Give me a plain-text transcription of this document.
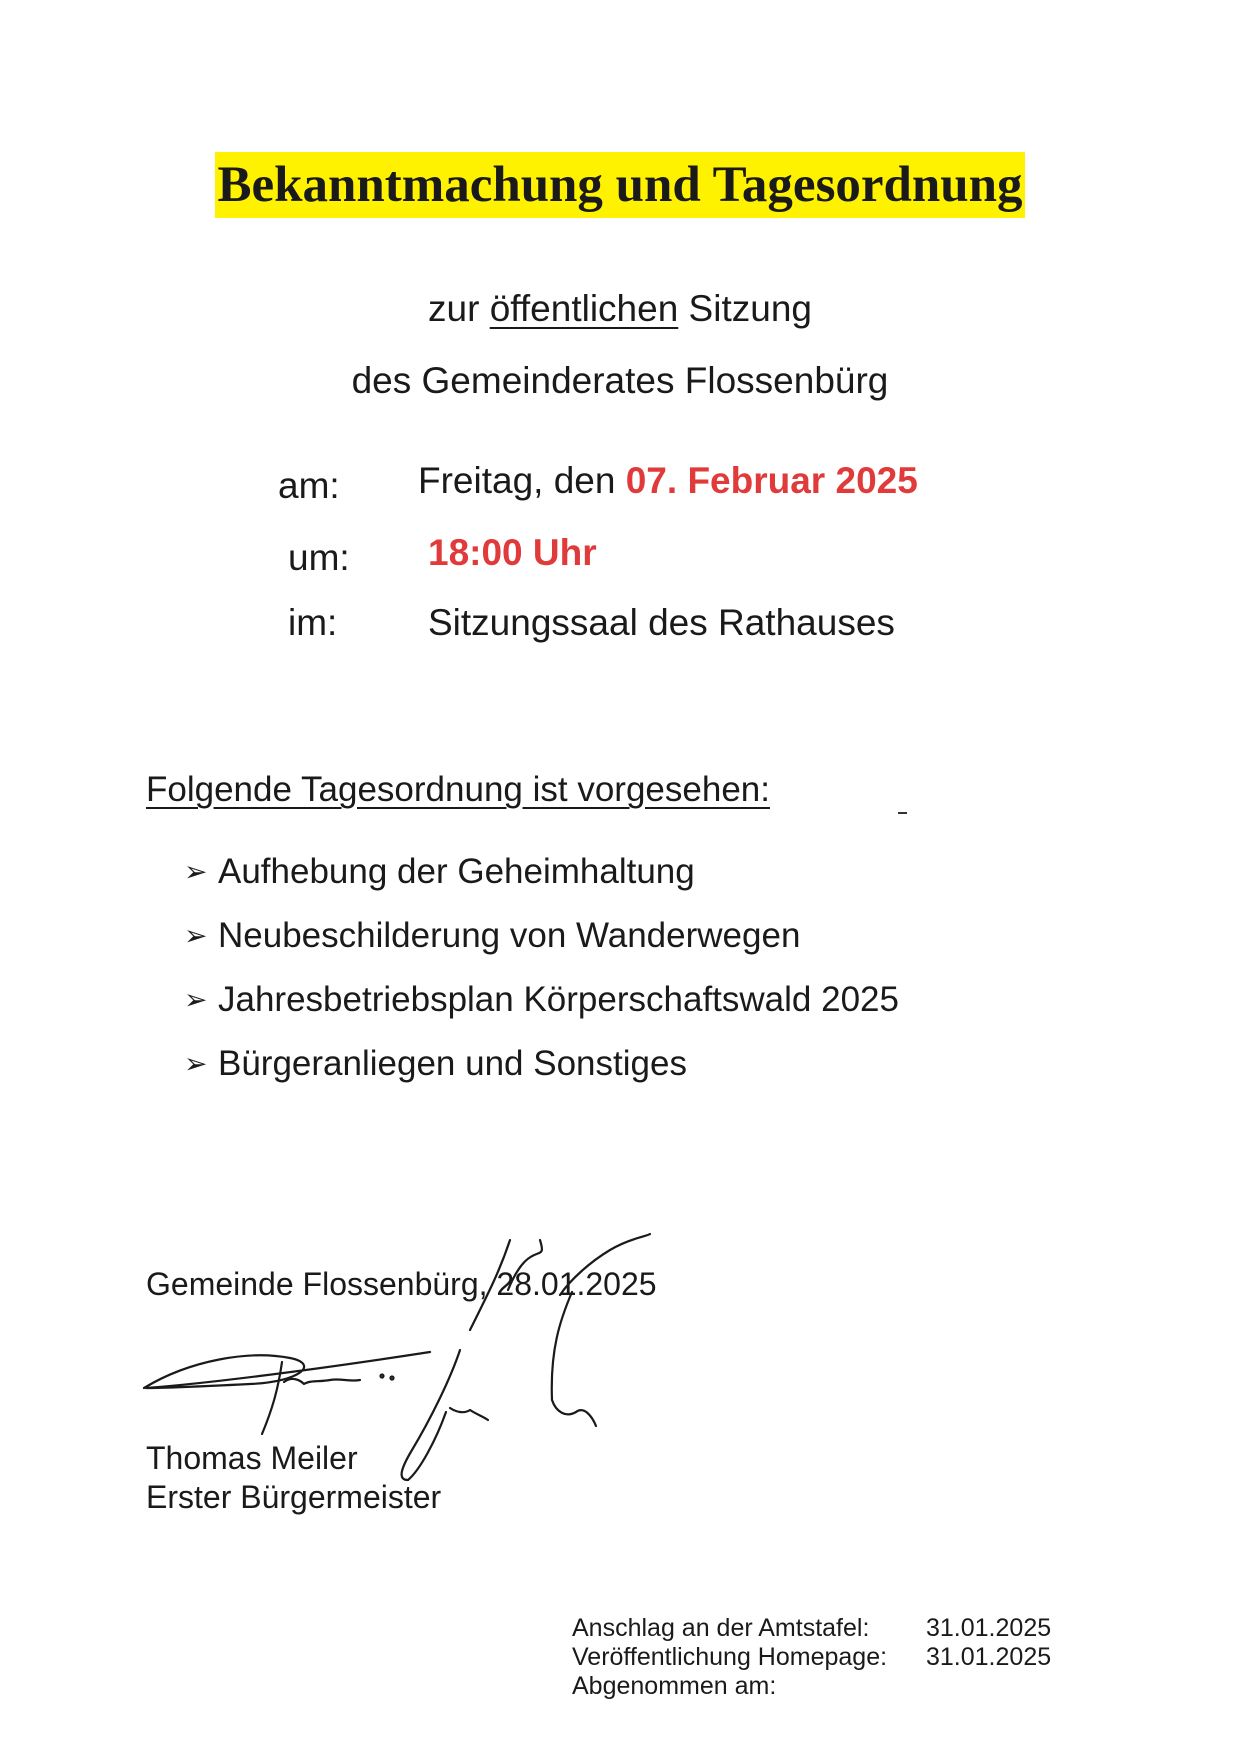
Bekanntmachung und Tagesordnung
zur öffentlichen Sitzung
des Gemeinderates Flossenbürg
am: Freitag, den 07. Februar 2025
um: 18:00 Uhr
im: Sitzungssaal des Rathauses
Folgende Tagesordnung ist vorgesehen:
➢ Aufhebung der Geheimhaltung
➢ Neubeschilderung von Wanderwegen
➢ Jahresbetriebsplan Körperschaftswald 2025
➢ Bürgeranliegen und Sonstiges
Gemeinde Flossenbürg, 28.01.2025
Thomas Meiler
Erster Bürgermeister
Anschlag an der Amtstafel: 31.01.2025
Veröffentlichung Homepage: 31.01.2025
Abgenommen am:
